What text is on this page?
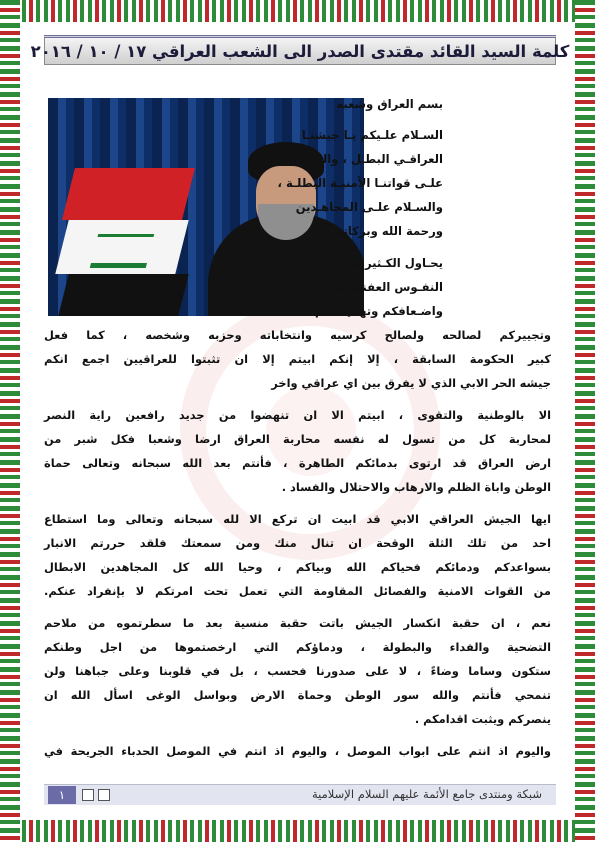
كلمة السيد القائد مقتدى الصدر الى الشعب العراقي ١٧ / ١٠ / ٢٠١٦
بسم العراق وشعبه
السـلام علـيكم يـا جيشنـا
العراقـي البطـل ، والسـلام
علـى قواتنـا الأمنيـة البطلـة ،
والسـلام علـى المجاهـدين
ورحمة الله وبركاته .
يحـاول الكـثير مـن ذوي
النفـوس العفنـة تحييـدكم
واضـعافكم وتهميشـكم
وتجييركم لصالحه ولصالح كرسيه وانتخاباته وحزبه وشخصه ، كما فعل
كبير الحكومة السابقة ، إلا إنكم ابيتم إلا ان تثبتوا للعراقيين اجمع انكم
جيشه الحر الابي الذي لا يفرق بين اي عراقي واخر
الا بالوطنية والتقوى ، ابيتم الا ان تنهضوا من جديد رافعين راية النصر
لمحاربة كل من تسول له نفسه محاربة العراق ارضا وشعبا فكل شبر من
ارض العراق قد ارتوى بدمائكم الطاهرة ، فأنتم بعد الله سبحانه وتعالى حماة
الوطن واباة الظلم والارهاب والاحتلال والفساد .
ايها الجيش العراقي الابي قد ابيت ان تركع الا لله سبحانه وتعالى وما استطاع
احد من تلك الثلة الوقحة ان تنال منك ومن سمعتك فلقد حررتم الانبار
بسواعدكم ودمائكم فحياكم الله وبياكم ، وحيا الله كل المجاهدين الابطال
من القوات الامنية والفصائل المقاومة التي تعمل تحت امرتكم لا بإنفراد عنكم.
نعم ، ان حقبة انكسار الجيش باتت حقبة منسية بعد ما سطرتموه من ملاحم
التضحية والفداء والبطولة ، ودماؤكم التي ارخصتموها من اجل وطنكم
ستكون وساما وضاءً ، لا على صدورنا فحسب ، بل في قلوبنا وعلى جباهنا ولن
تنمحي فأنتم والله سور الوطن وحماة الارض وبواسل الوغى اسأل الله ان
ينصركم ويثبت اقدامكم .
واليوم اذ انتم على ابواب الموصل ، واليوم اذ انتم في الموصل الحدباء الجريحة في
١	شبكة ومنتدى جامع الأئمة عليهم السلام الإسلامية
